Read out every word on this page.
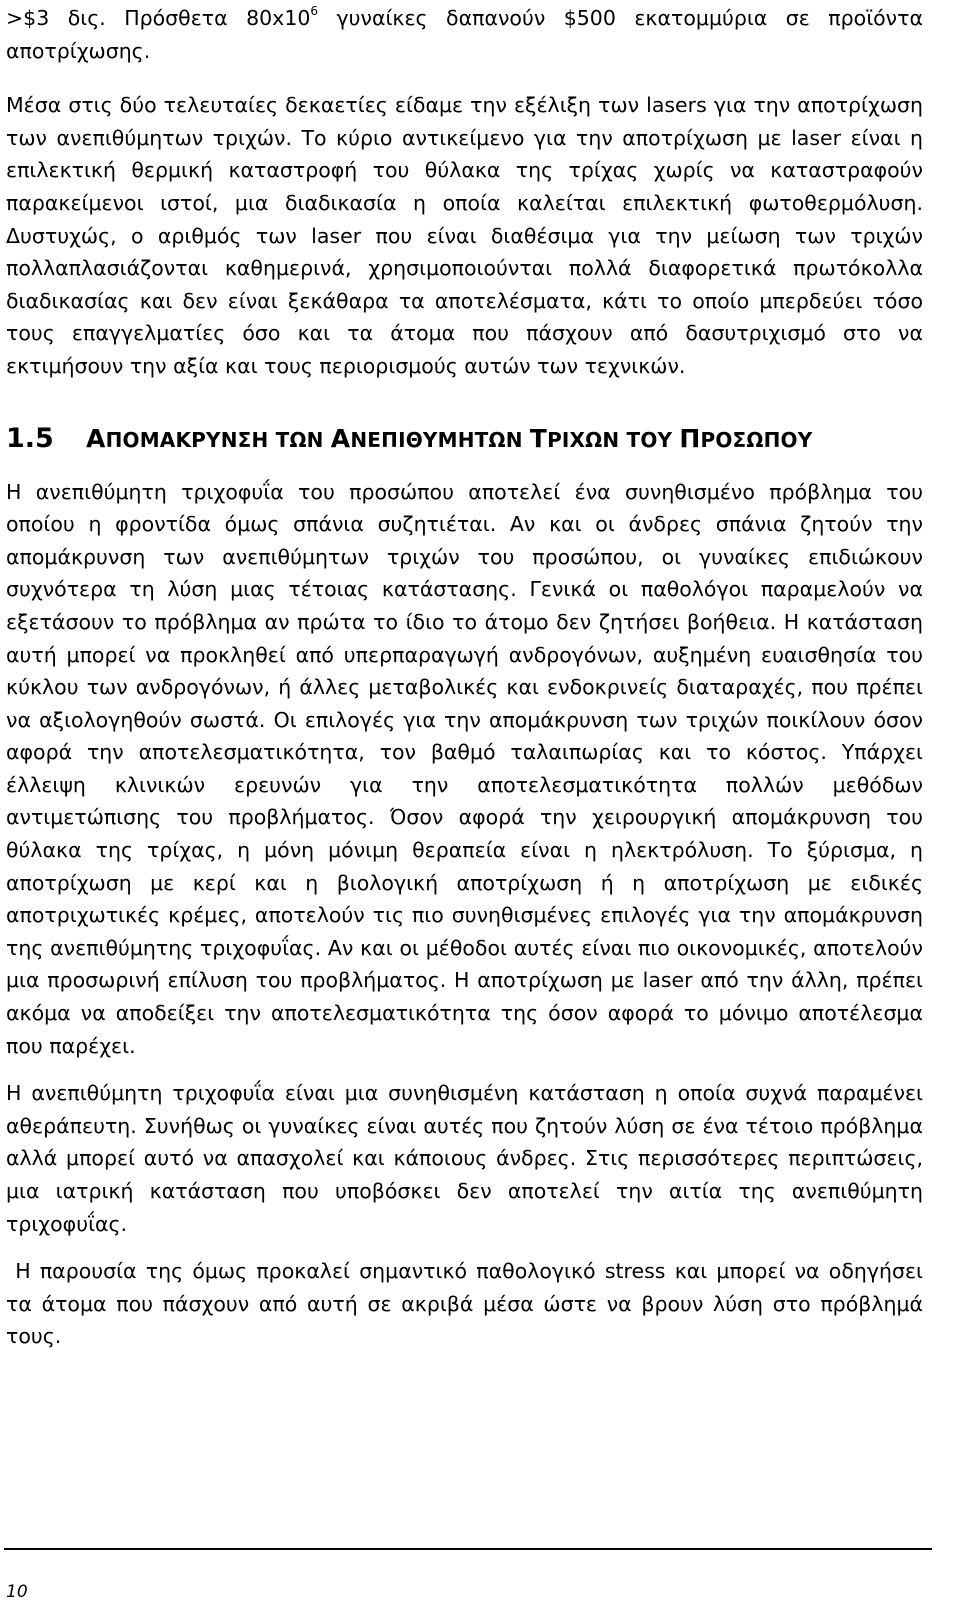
>$3 δις. Πρόσθετα $80x10^6$ γυναίκες δαπανούν $500 εκατομμύρια σε προϊόντα αποτρίχωσης.

Μέσα στις δύο τελευταίες δεκαετίες είδαμε την εξέλιξη των lasers για την αποτρίχωση των ανεπιθύμητων τριχών. Το κύριο αντικείμενο για την αποτρίχωση με laser είναι η επιλεκτική θερμική καταστροφή του θύλακα της τρίχας χωρίς να καταστραφούν παρακείμενοι ιστοί, μια διαδικασία η οποία καλείται επιλεκτική φωτοθερμόλυση. Δυστυχώς, ο αριθμός των laser που είναι διαθέσιμα για την μείωση των τριχών πολλαπλασιάζονται καθημερινά, χρησιμοποιούνται πολλά διαφορετικά πρωτόκολλα διαδικασίας και δεν είναι ξεκάθαρα τα αποτελέσματα, κάτι το οποίο μπερδεύει τόσο τους επαγγελματίες όσο και τα άτομα που πάσχουν από δασυτριχισμό στο να εκτιμήσουν την αξία και τους περιορισμούς αυτών των τεχνικών.

1.5	ΑΠΟΜΑΚΡΥΝΣΗ ΤΩΝ ΑΝΕΠΙΘΥΜΗΤΩΝ ΤΡΙΧΩΝ ΤΟΥ ΠΡΟΣΩΠΟΥ

Η ανεπιθύμητη τριχοφυΐα του προσώπου αποτελεί ένα συνηθισμένο πρόβλημα του οποίου η φροντίδα όμως σπάνια συζητιέται. Αν και οι άνδρες σπάνια ζητούν την απομάκρυνση των ανεπιθύμητων τριχών του προσώπου, οι γυναίκες επιδιώκουν συχνότερα τη λύση μιας τέτοιας κατάστασης. Γενικά οι παθολόγοι παραμελούν να εξετάσουν το πρόβλημα αν πρώτα το ίδιο το άτομο δεν ζητήσει βοήθεια. Η κατάσταση αυτή μπορεί να προκληθεί από υπερπαραγωγή ανδρογόνων, αυξημένη ευαισθησία του κύκλου των ανδρογόνων, ή άλλες μεταβολικές και ενδοκρινείς διαταραχές, που πρέπει να αξιολογηθούν σωστά. Οι επιλογές για την απομάκρυνση των τριχών ποικίλουν όσον αφορά την αποτελεσματικότητα, τον βαθμό ταλαιπωρίας και το κόστος. Υπάρχει έλλειψη κλινικών ερευνών για την αποτελεσματικότητα πολλών μεθόδων αντιμετώπισης του προβλήματος. Όσον αφορά την χειρουργική απομάκρυνση του θύλακα της τρίχας, η μόνη μόνιμη θεραπεία είναι η ηλεκτρόλυση. Το ξύρισμα, η αποτρίχωση με κερί και η βιολογική αποτρίχωση ή η αποτρίχωση με ειδικές αποτριχωτικές κρέμες, αποτελούν τις πιο συνηθισμένες επιλογές για την απομάκρυνση της ανεπιθύμητης τριχοφυΐας. Αν και οι μέθοδοι αυτές είναι πιο οικονομικές, αποτελούν μια προσωρινή επίλυση του προβλήματος. Η αποτρίχωση με laser από την άλλη, πρέπει ακόμα να αποδείξει την αποτελεσματικότητα της όσον αφορά το μόνιμο αποτέλεσμα που παρέχει.

Η ανεπιθύμητη τριχοφυΐα είναι μια συνηθισμένη κατάσταση η οποία συχνά παραμένει αθεράπευτη. Συνήθως οι γυναίκες είναι αυτές που ζητούν λύση σε ένα τέτοιο πρόβλημα αλλά μπορεί αυτό να απασχολεί και κάποιους άνδρες. Στις περισσότερες περιπτώσεις, μια ιατρική κατάσταση που υποβόσκει δεν αποτελεί την αιτία της ανεπιθύμητη τριχοφυΐας.

Η παρουσία της όμως προκαλεί σημαντικό παθολογικό stress και μπορεί να οδηγήσει τα άτομα που πάσχουν από αυτή σε ακριβά μέσα ώστε να βρουν λύση στο πρόβλημά τους.

10
